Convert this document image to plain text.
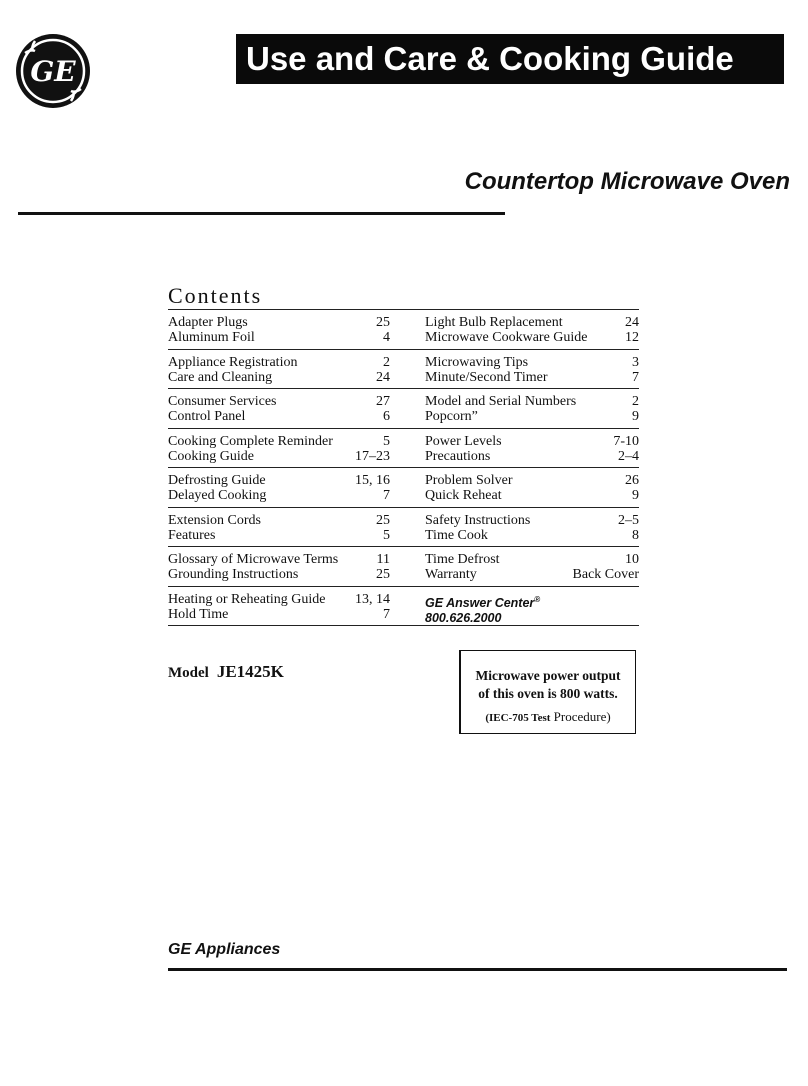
GE	Use and Care & Cooking Guide
Countertop Microwave Oven
Contents
Adapter Plugs	25
Aluminum Foil	4
Light Bulb Replacement	24
Microwave Cookware Guide	12
Appliance Registration	2
Care and Cleaning	24
Microwaving Tips	3
Minute/Second Timer	7
Consumer Services	27
Control Panel	6
Model and Serial Numbers	2
Popcorn”	9
Cooking Complete Reminder	5
Cooking Guide	17–23
Power Levels	7-10
Precautions	2–4
Defrosting Guide	15, 16
Delayed Cooking	7
Problem Solver	26
Quick Reheat	9
Extension Cords	25
Features	5
Safety Instructions	2–5
Time Cook	8
Glossary of Microwave Terms	11
Grounding Instructions	25
Time Defrost	10
Warranty	Back Cover
Heating or Reheating Guide 13, 14
Hold Time	7
GE Answer Center®
800.626.2000
Model JE1425K	Microwave power output
of this oven is 800 watts.
(IEC-705 Test Procedure)
GE Appliances
